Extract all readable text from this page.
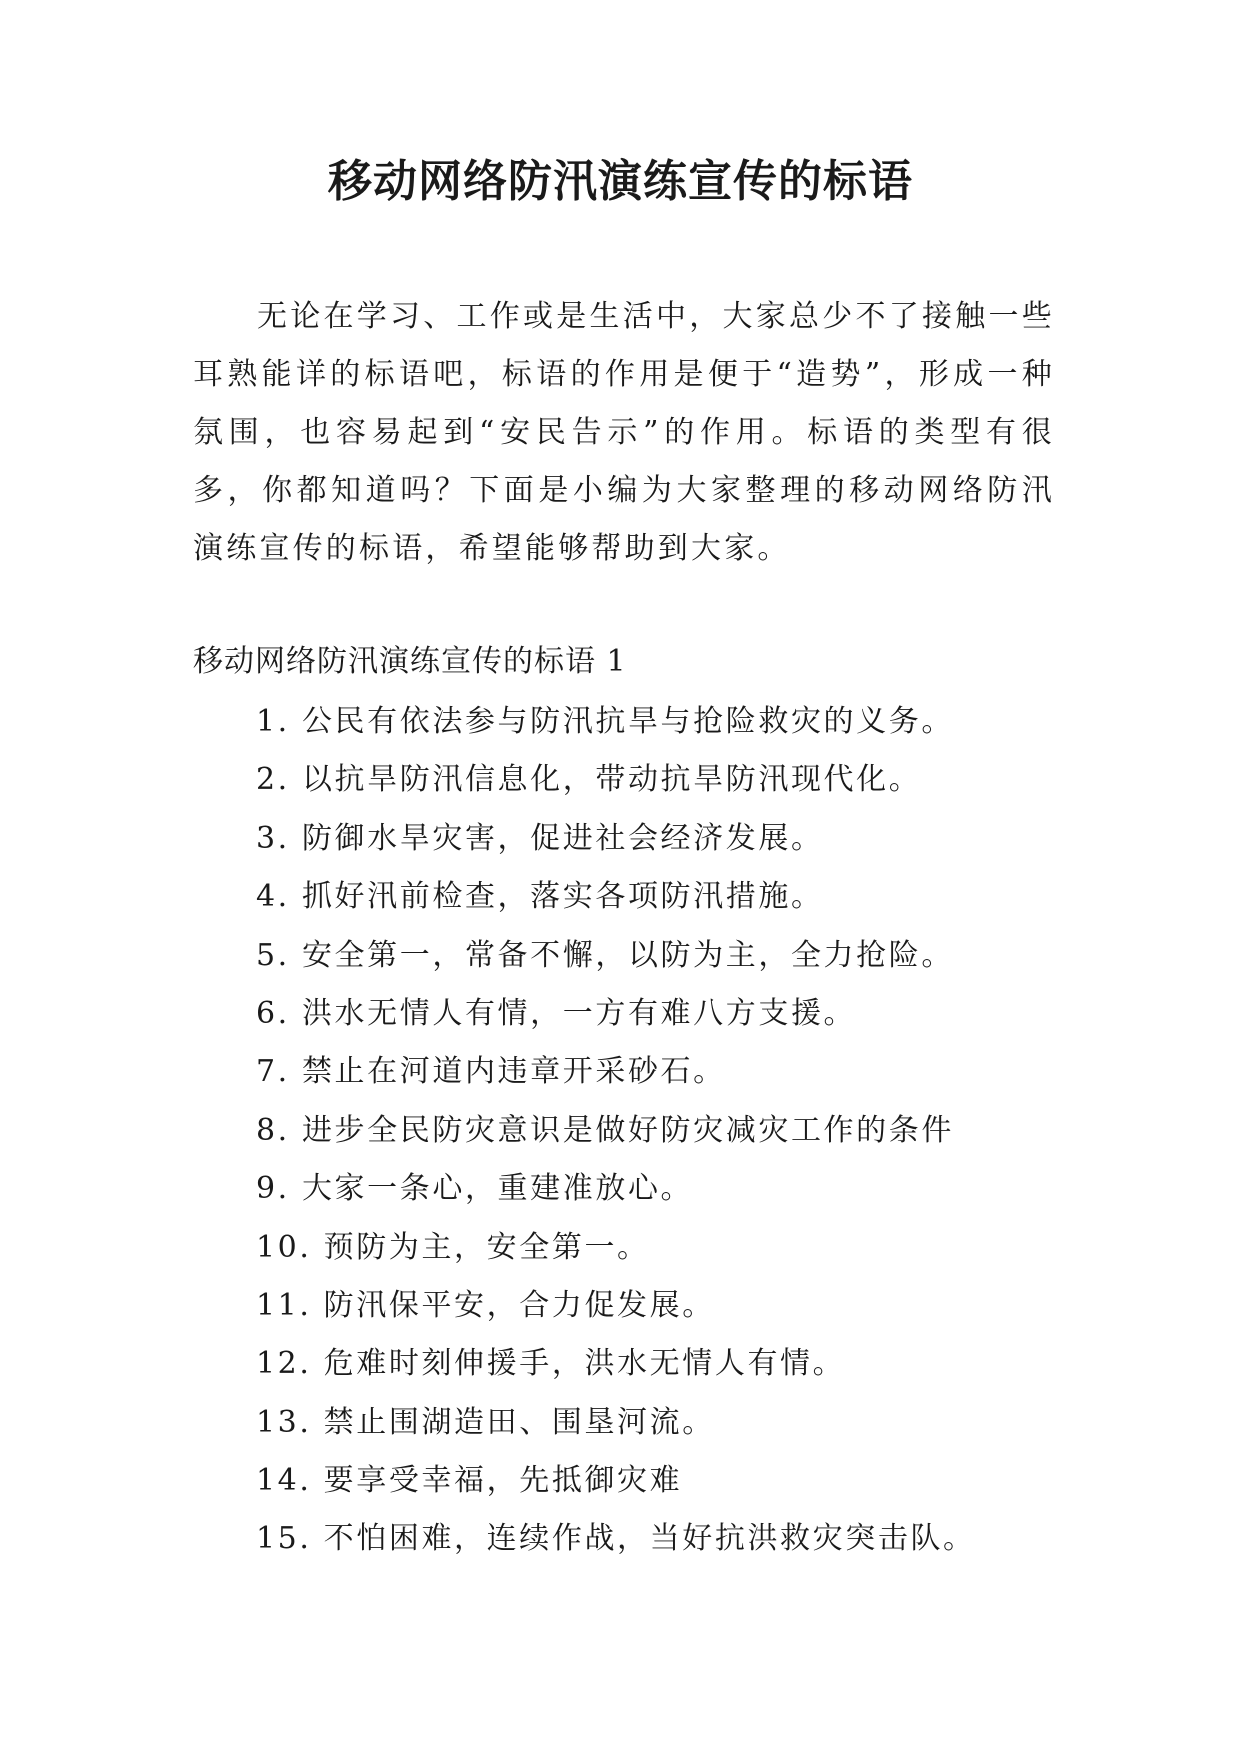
移动网络防汛演练宣传的标语

无论在学习、工作或是生活中，大家总少不了接触一些耳熟能详的标语吧，标语的作用是便于“造势”，形成一种氛围，也容易起到“安民告示”的作用。标语的类型有很多，你都知道吗？下面是小编为大家整理的移动网络防汛演练宣传的标语，希望能够帮助到大家。

移动网络防汛演练宣传的标语 1
1. 公民有依法参与防汛抗旱与抢险救灾的义务。
2. 以抗旱防汛信息化，带动抗旱防汛现代化。
3. 防御水旱灾害，促进社会经济发展。
4. 抓好汛前检查，落实各项防汛措施。
5. 安全第一，常备不懈，以防为主，全力抢险。
6. 洪水无情人有情，一方有难八方支援。
7. 禁止在河道内违章开采砂石。
8. 进步全民防灾意识是做好防灾减灾工作的条件
9. 大家一条心，重建准放心。
10. 预防为主，安全第一。
11. 防汛保平安，合力促发展。
12. 危难时刻伸援手，洪水无情人有情。
13. 禁止围湖造田、围垦河流。
14. 要享受幸福，先抵御灾难
15. 不怕困难，连续作战，当好抗洪救灾突击队。
